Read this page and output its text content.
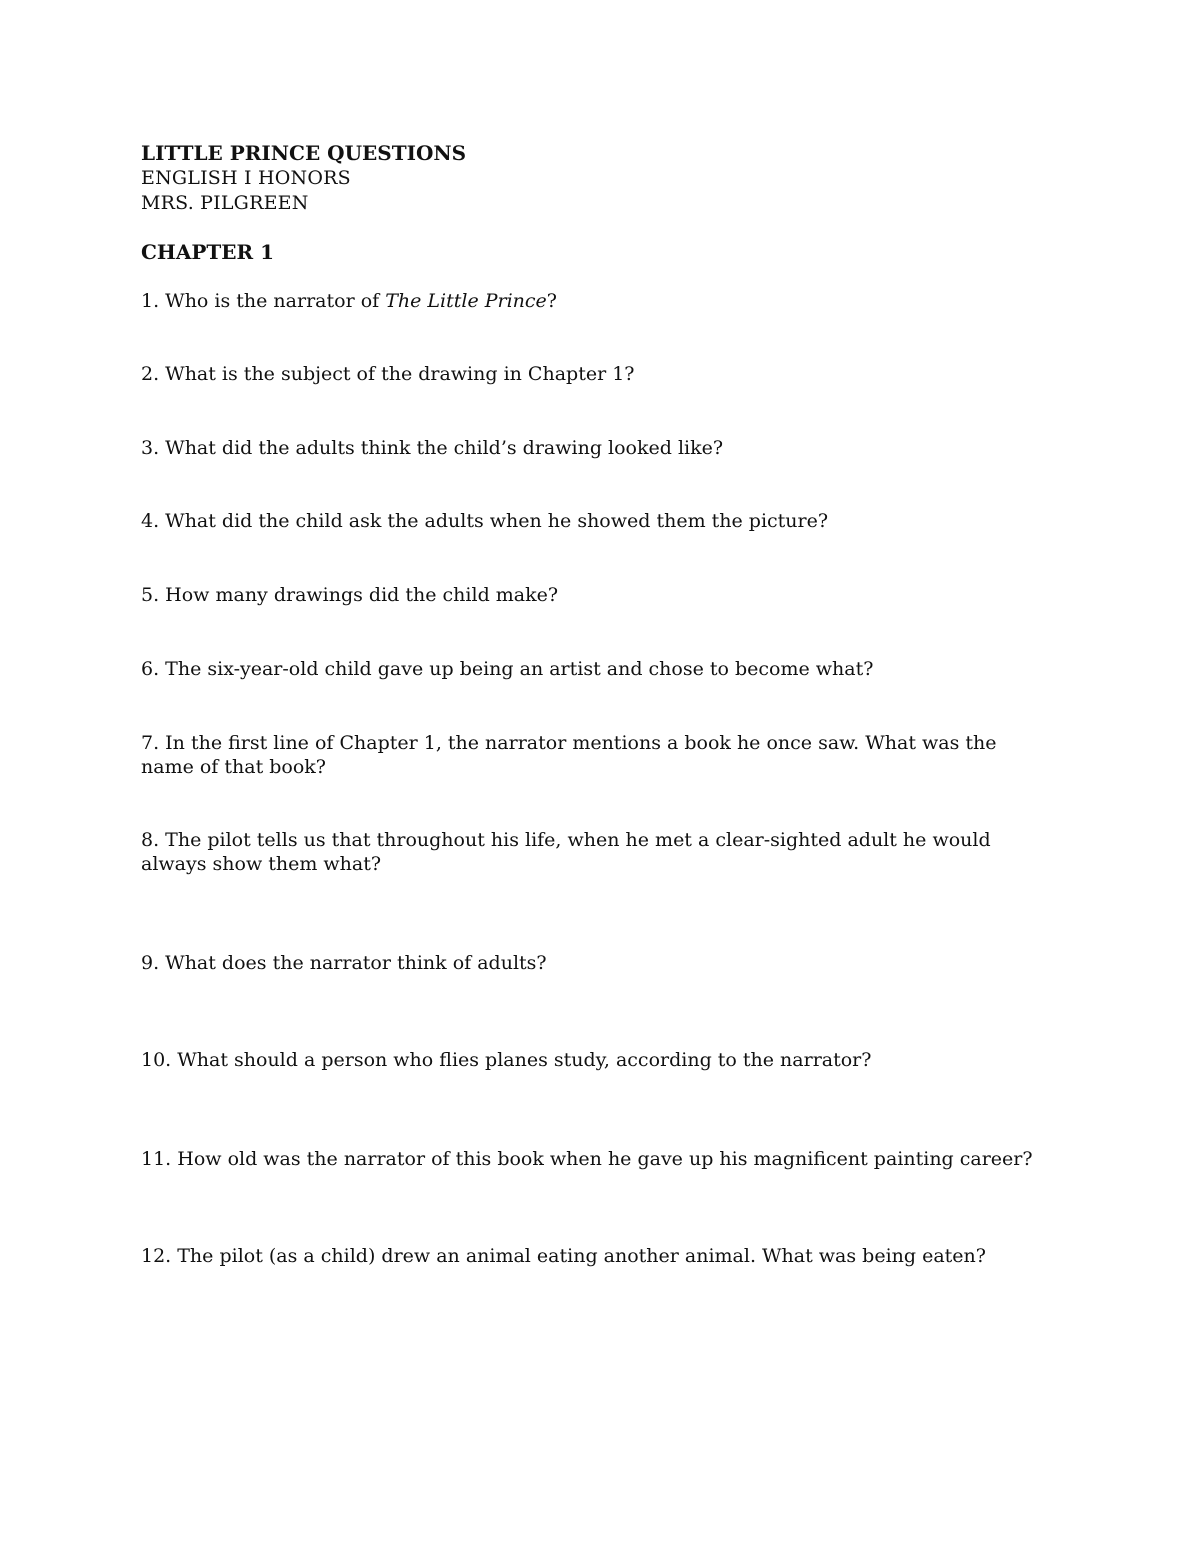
LITTLE PRINCE QUESTIONS

ENGLISH I HONORS

MRS. PILGREEN

CHAPTER 1

1. Who is the narrator of The Little Prince?

2. What is the subject of the drawing in Chapter 1?

3. What did the adults think the child’s drawing looked like?

4. What did the child ask the adults when he showed them the picture?

5. How many drawings did the child make?

6. The six-year-old child gave up being an artist and chose to become what?

7. In the first line of Chapter 1, the narrator mentions a book he once saw. What was the name of that book?

8. The pilot tells us that throughout his life, when he met a clear-sighted adult he would always show them what?

9. What does the narrator think of adults?

10. What should a person who flies planes study, according to the narrator?

11. How old was the narrator of this book when he gave up his magnificent painting career?

12. The pilot (as a child) drew an animal eating another animal. What was being eaten?
